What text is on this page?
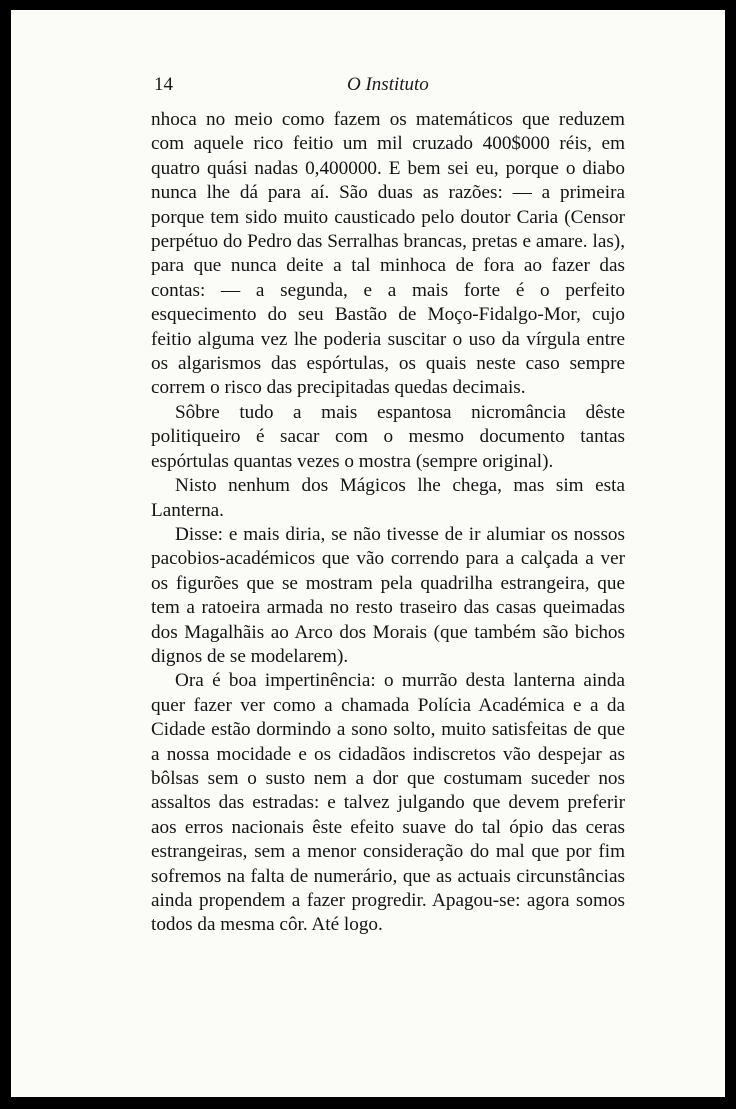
14	O Instituto

nhoca no meio como fazem os matemáticos que reduzem com aquele rico feitio um mil cruzado 400$000 réis, em quatro quási nadas 0,400000. E bem sei eu, porque o diabo nunca lhe dá para aí. São duas as razões: — a primeira porque tem sido muito causticado pelo doutor Caria (Censor perpétuo do Pedro das Serralhas brancas, pretas e amare. las), para que nunca deite a tal minhoca de fora ao fazer das contas: — a segunda, e a mais forte é o perfeito esquecimento do seu Bastão de Moço-Fidalgo-Mor, cujo feitio alguma vez lhe poderia suscitar o uso da vírgula entre os algarismos das espórtulas, os quais neste caso sempre correm o risco das precipitadas quedas decimais.

Sôbre tudo a mais espantosa nicromância dêste politiqueiro é sacar com o mesmo documento tantas espórtulas quantas vezes o mostra (sempre original).

Nisto nenhum dos Mágicos lhe chega, mas sim esta Lanterna.

Disse: e mais diria, se não tivesse de ir alumiar os nossos pacobios-académicos que vão correndo para a calçada a ver os figurões que se mostram pela quadrilha estrangeira, que tem a ratoeira armada no resto traseiro das casas queimadas dos Magalhãis ao Arco dos Morais (que também são bichos dignos de se modelarem).

Ora é boa impertinência: o murrão desta lanterna ainda quer fazer ver como a chamada Polícia Académica e a da Cidade estão dormindo a sono solto, muito satisfeitas de que a nossa mocidade e os cidadãos indiscretos vão despejar as bôlsas sem o susto nem a dor que costumam suceder nos assaltos das estradas: e talvez julgando que devem preferir aos erros nacionais êste efeito suave do tal ópio das ceras estrangeiras, sem a menor consideração do mal que por fim sofremos na falta de numerário, que as actuais circunstâncias ainda propendem a fazer progredir. Apagou-se: agora somos todos da mesma côr. Até logo.
